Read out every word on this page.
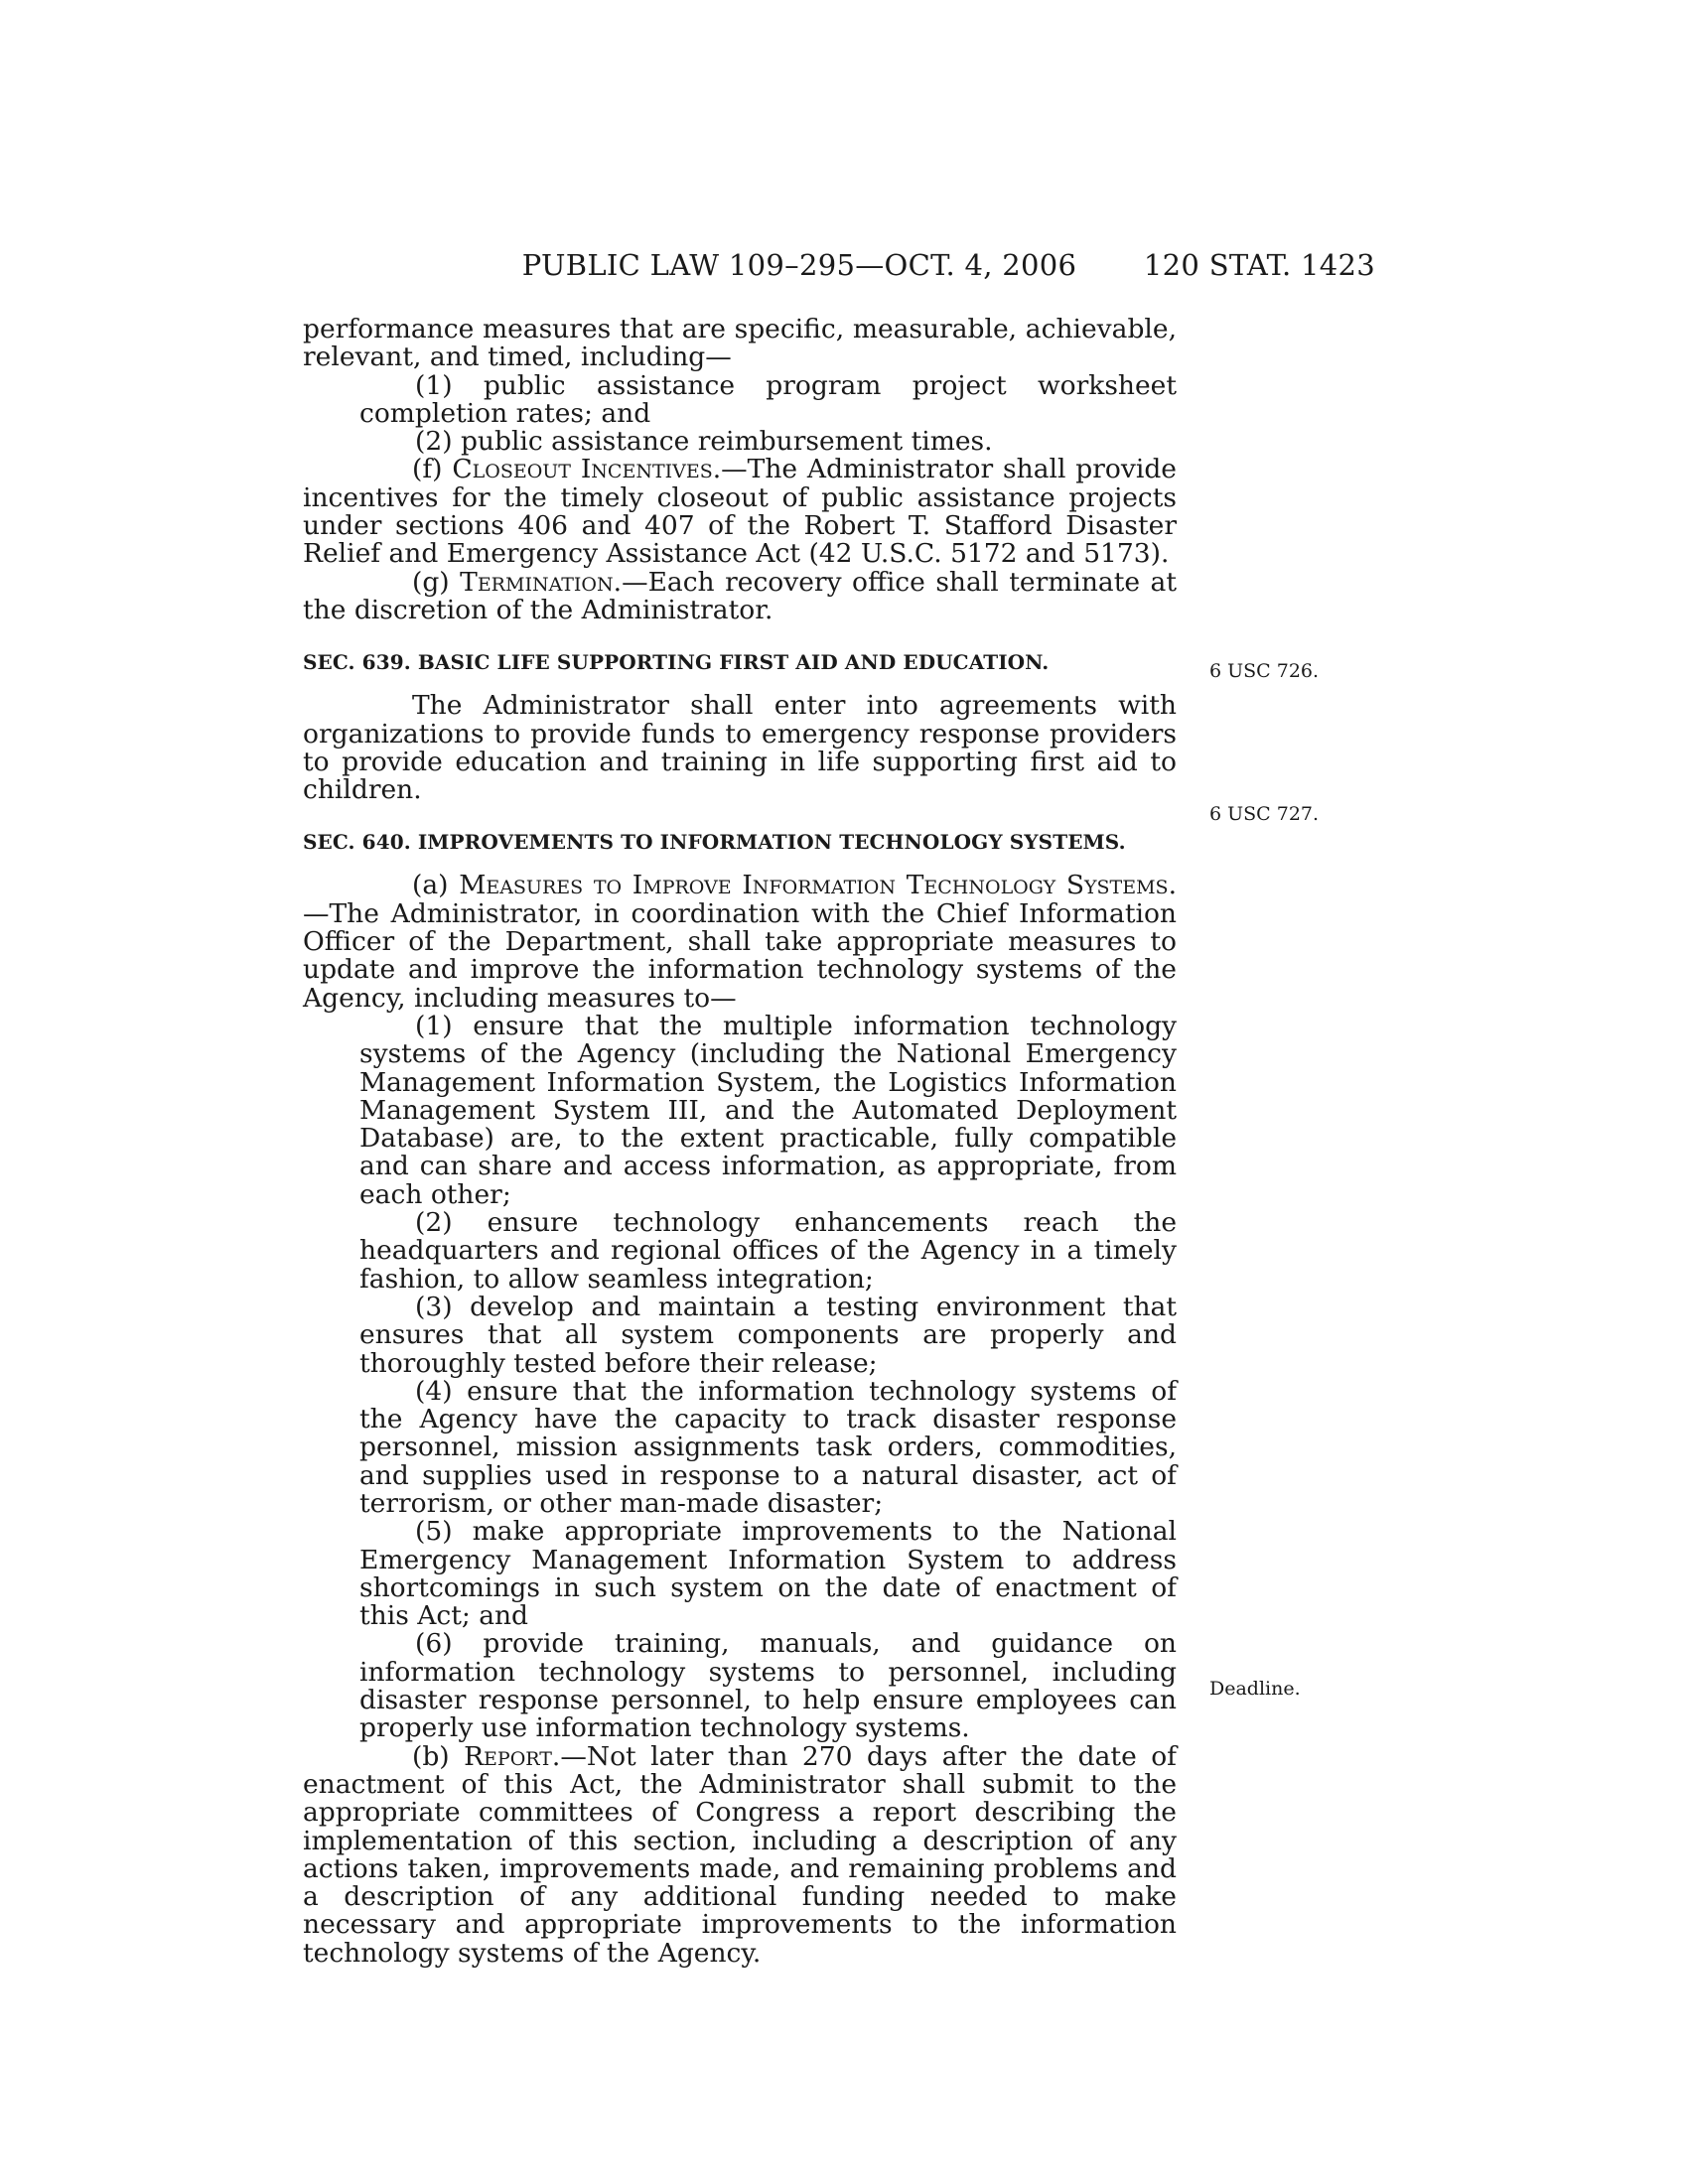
PUBLIC LAW 109–295—OCT. 4, 2006	120 STAT. 1423

performance measures that are specific, measurable, achievable, relevant, and timed, including—

(1) public assistance program project worksheet completion rates; and

(2) public assistance reimbursement times.

(f) Closeout Incentives.—The Administrator shall provide incentives for the timely closeout of public assistance projects under sections 406 and 407 of the Robert T. Stafford Disaster Relief and Emergency Assistance Act (42 U.S.C. 5172 and 5173).

(g) Termination.—Each recovery office shall terminate at the discretion of the Administrator.

SEC. 639. BASIC LIFE SUPPORTING FIRST AID AND EDUCATION.

The Administrator shall enter into agreements with organizations to provide funds to emergency response providers to provide education and training in life supporting first aid to children.

SEC. 640. IMPROVEMENTS TO INFORMATION TECHNOLOGY SYSTEMS.

(a) Measures to Improve Information Technology Systems.—The Administrator, in coordination with the Chief Information Officer of the Department, shall take appropriate measures to update and improve the information technology systems of the Agency, including measures to—

(1) ensure that the multiple information technology systems of the Agency (including the National Emergency Management Information System, the Logistics Information Management System III, and the Automated Deployment Database) are, to the extent practicable, fully compatible and can share and access information, as appropriate, from each other;

(2) ensure technology enhancements reach the headquarters and regional offices of the Agency in a timely fashion, to allow seamless integration;

(3) develop and maintain a testing environment that ensures that all system components are properly and thoroughly tested before their release;

(4) ensure that the information technology systems of the Agency have the capacity to track disaster response personnel, mission assignments task orders, commodities, and supplies used in response to a natural disaster, act of terrorism, or other man-made disaster;

(5) make appropriate improvements to the National Emergency Management Information System to address shortcomings in such system on the date of enactment of this Act; and

(6) provide training, manuals, and guidance on information technology systems to personnel, including disaster response personnel, to help ensure employees can properly use information technology systems.

(b) Report.—Not later than 270 days after the date of enactment of this Act, the Administrator shall submit to the appropriate committees of Congress a report describing the implementation of this section, including a description of any actions taken, improvements made, and remaining problems and a description of any additional funding needed to make necessary and appropriate improvements to the information technology systems of the Agency.

6 USC 726.
6 USC 727.
Deadline.
